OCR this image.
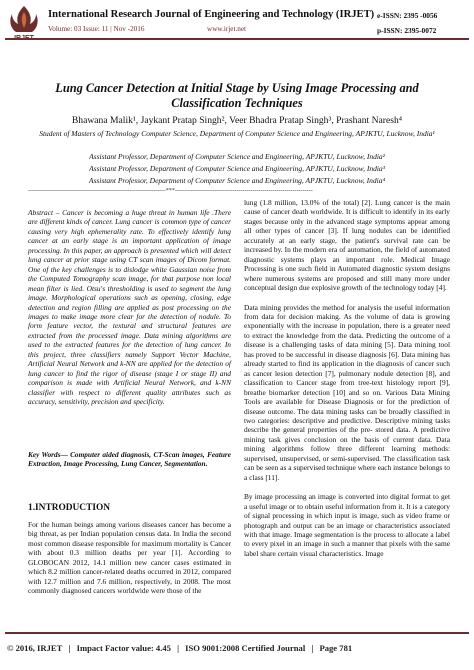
International Research Journal of Engineering and Technology (IRJET)
Volume: 03 Issue: 11 | Nov -2016	www.irjet.net
e-ISSN: 2395 -0056
p-ISSN: 2395-0072
Lung Cancer Detection at Initial Stage by Using Image Processing and Classification Techniques
Bhawana Malik¹, Jaykant Pratap Singh², Veer Bhadra Pratap Singh³, Prashant Naresh⁴
Student of Masters of Technology Computer Science, Department of Computer Science and Engineering, APJKTU, Lucknow, India¹
Assistant Professor, Department of Computer Science and Engineering, APJKTU, Lucknow, India²
Assistant Professor, Department of Computer Science and Engineering, APJKTU, Lucknow, India³
Assistant Professor, Department of Computer Science and Engineering, APJKTU, Lucknow, India⁴
---------------------------------------------------------------------***---------------------------------------------------------------------

Abstract – Cancer is becoming a huge threat in human life .There are different kinds of cancer. Lung cancer is common type of cancer causing very high ephemerality rate. To effectively identify lung cancer at an early stage is an important application of image processing. In this paper, an approach is presented which will detect lung cancer at prior stage using CT scan images of Dicom format. One of the key challenges is to dislodge white Gaussian noise from the Computed Tomography scan image, for that purpose non local mean filter is lied. Otsu's thresholding is used to segment the lung image. Morphological operations such as opening, closing, edge detection and region filling are applied as post processing on the images to make image more clear for the detection of nodule. To form feature vector, the textural and structural features are extracted from the processed image. Data mining algorithms are used to the extracted features for the detection of lung cancer. In this project, three classifiers namely Support Vector Machine, Artificial Neural Network and k-NN are applied for the detection of lung cancer to find the rigor of disease (stage I or stage II) and comparison is made with Artificial Neural Network, and k-NN classifier with respect to different quality attributes such as accuracy, sensitivity, precision and specificity.

Key Words— Computer aided diagnosis, CT-Scan images, Feature Extraction, Image Processing, Lung Cancer, Segmentation.
1.INTRODUCTION

For the human beings among various diseases cancer has become a big threat, as per Indian population census data. In India the second most common disease responsible for maximum mortality is Cancer with about 0.3 million deaths per year [1]. According to GLOBOCAN 2012, 14.1 million new cancer cases estimated in which 8.2 million cancer-related deaths occurred in 2012, compared with 12.7 million and 7.6 million, respectively, in 2008. The most commonly diagnosed cancers worldwide were those of the

lung (1.8 million, 13.0% of the total) [2]. Lung cancer is the main cause of cancer death worldwide. It is difficult to identify in its early stages because only in the advanced stage symptoms appear among all other types of cancer [3]. If lung nodules can be identified accurately at an early stage, the patient's survival rate can be increased by. In the modern era of automation, the field of automated diagnostic systems plays an important role. Medical Image Processing is one such field in Automated diagnostic system designs where numerous systems are proposed and still many more under conceptual design due explosive growth of the technology today [4].

Data mining provides the method for analysis the useful information from data for decision making. As the volume of data is growing exponentially with the increase in population, there is a greater need to extract the knowledge from the data. Predicting the outcome of a disease is a challenging tasks of data mining [5]. Data mining tool has proved to be successful in disease diagnosis [6]. Data mining has already started to find its application in the diagnosis of cancer such as cancer lesion detection [7], pulmonary nodule detection [8], and classification to Cancer stage from tree-text histology report [9], breathe biomarker detection [10] and so on. Various Data Mining Tools are available for Disease Diagnosis or for the prediction of disease outcome. The data mining tasks can be broadly classified in two categories: descriptive and predictive. Descriptive mining tasks describe the general properties of the pre- stored data. A predictive mining task gives conclusion on the basis of current data. Data mining algorithms follow three different learning methods: supervised, unsupervised, or semi-supervised. The classification task can be seen as a supervised technique where each instance belongs to a class [11].

By image processing an image is converted into digital format to get a useful image or to obtain useful information from it. It is a category of signal processing in which input is image, such as video frame or photograph and output can be an image or characteristics associated with that image. Image segmentation is the process to allocate a label to every pixel in an image in such a manner that pixels with the same label share certain visual characteristics. Image

© 2016, IRJET | Impact Factor value: 4.45 | ISO 9001:2008 Certified Journal | Page 781
